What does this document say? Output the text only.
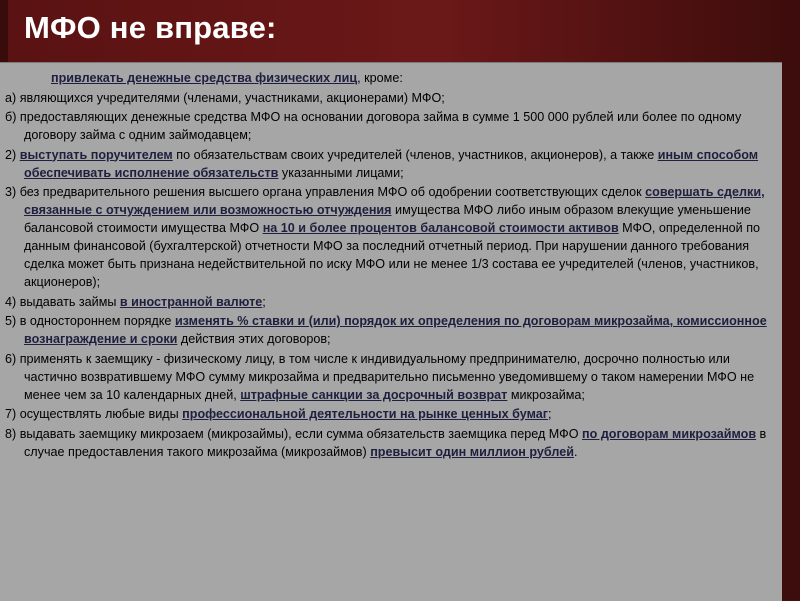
МФО не вправе:

привлекать денежные средства физических лиц, кроме:

а) являющихся учредителями (членами, участниками, акционерами) МФО;

б) предоставляющих денежные средства МФО на основании договора займа в сумме 1 500 000 рублей или более по одному договору займа с одним займодавцем;

2) выступать поручителем по обязательствам своих учредителей (членов, участников, акционеров), а также иным способом обеспечивать исполнение обязательств указанными лицами;

3) без предварительного решения высшего органа управления МФО об одобрении соответствующих сделок совершать сделки, связанные с отчуждением или возможностью отчуждения имущества МФО либо иным образом влекущие уменьшение балансовой стоимости имущества МФО на 10 и более процентов балансовой стоимости активов МФО, определенной по данным финансовой (бухгалтерской) отчетности МФО за последний отчетный период. При нарушении данного требования сделка может быть признана недействительной по иску МФО или не менее 1/3 состава ее учредителей (членов, участников, акционеров);

4) выдавать займы в иностранной валюте;

5) в одностороннем порядке изменять % ставки и (или) порядок их определения по договорам микрозайма, комиссионное вознаграждение и сроки действия этих договоров;

6) применять к заемщику - физическому лицу, в том числе к индивидуальному предпринимателю, досрочно полностью или частично возвратившему МФО сумму микрозайма и предварительно письменно уведомившему о таком намерении МФО не менее чем за 10 календарных дней, штрафные санкции за досрочный возврат микрозайма;

7) осуществлять любые виды профессиональной деятельности на рынке ценных бумаг;

8) выдавать заемщику микрозаем (микрозаймы), если сумма обязательств заемщика перед МФО по договорам микрозаймов в случае предоставления такого микрозайма (микрозаймов) превысит один миллион рублей.
